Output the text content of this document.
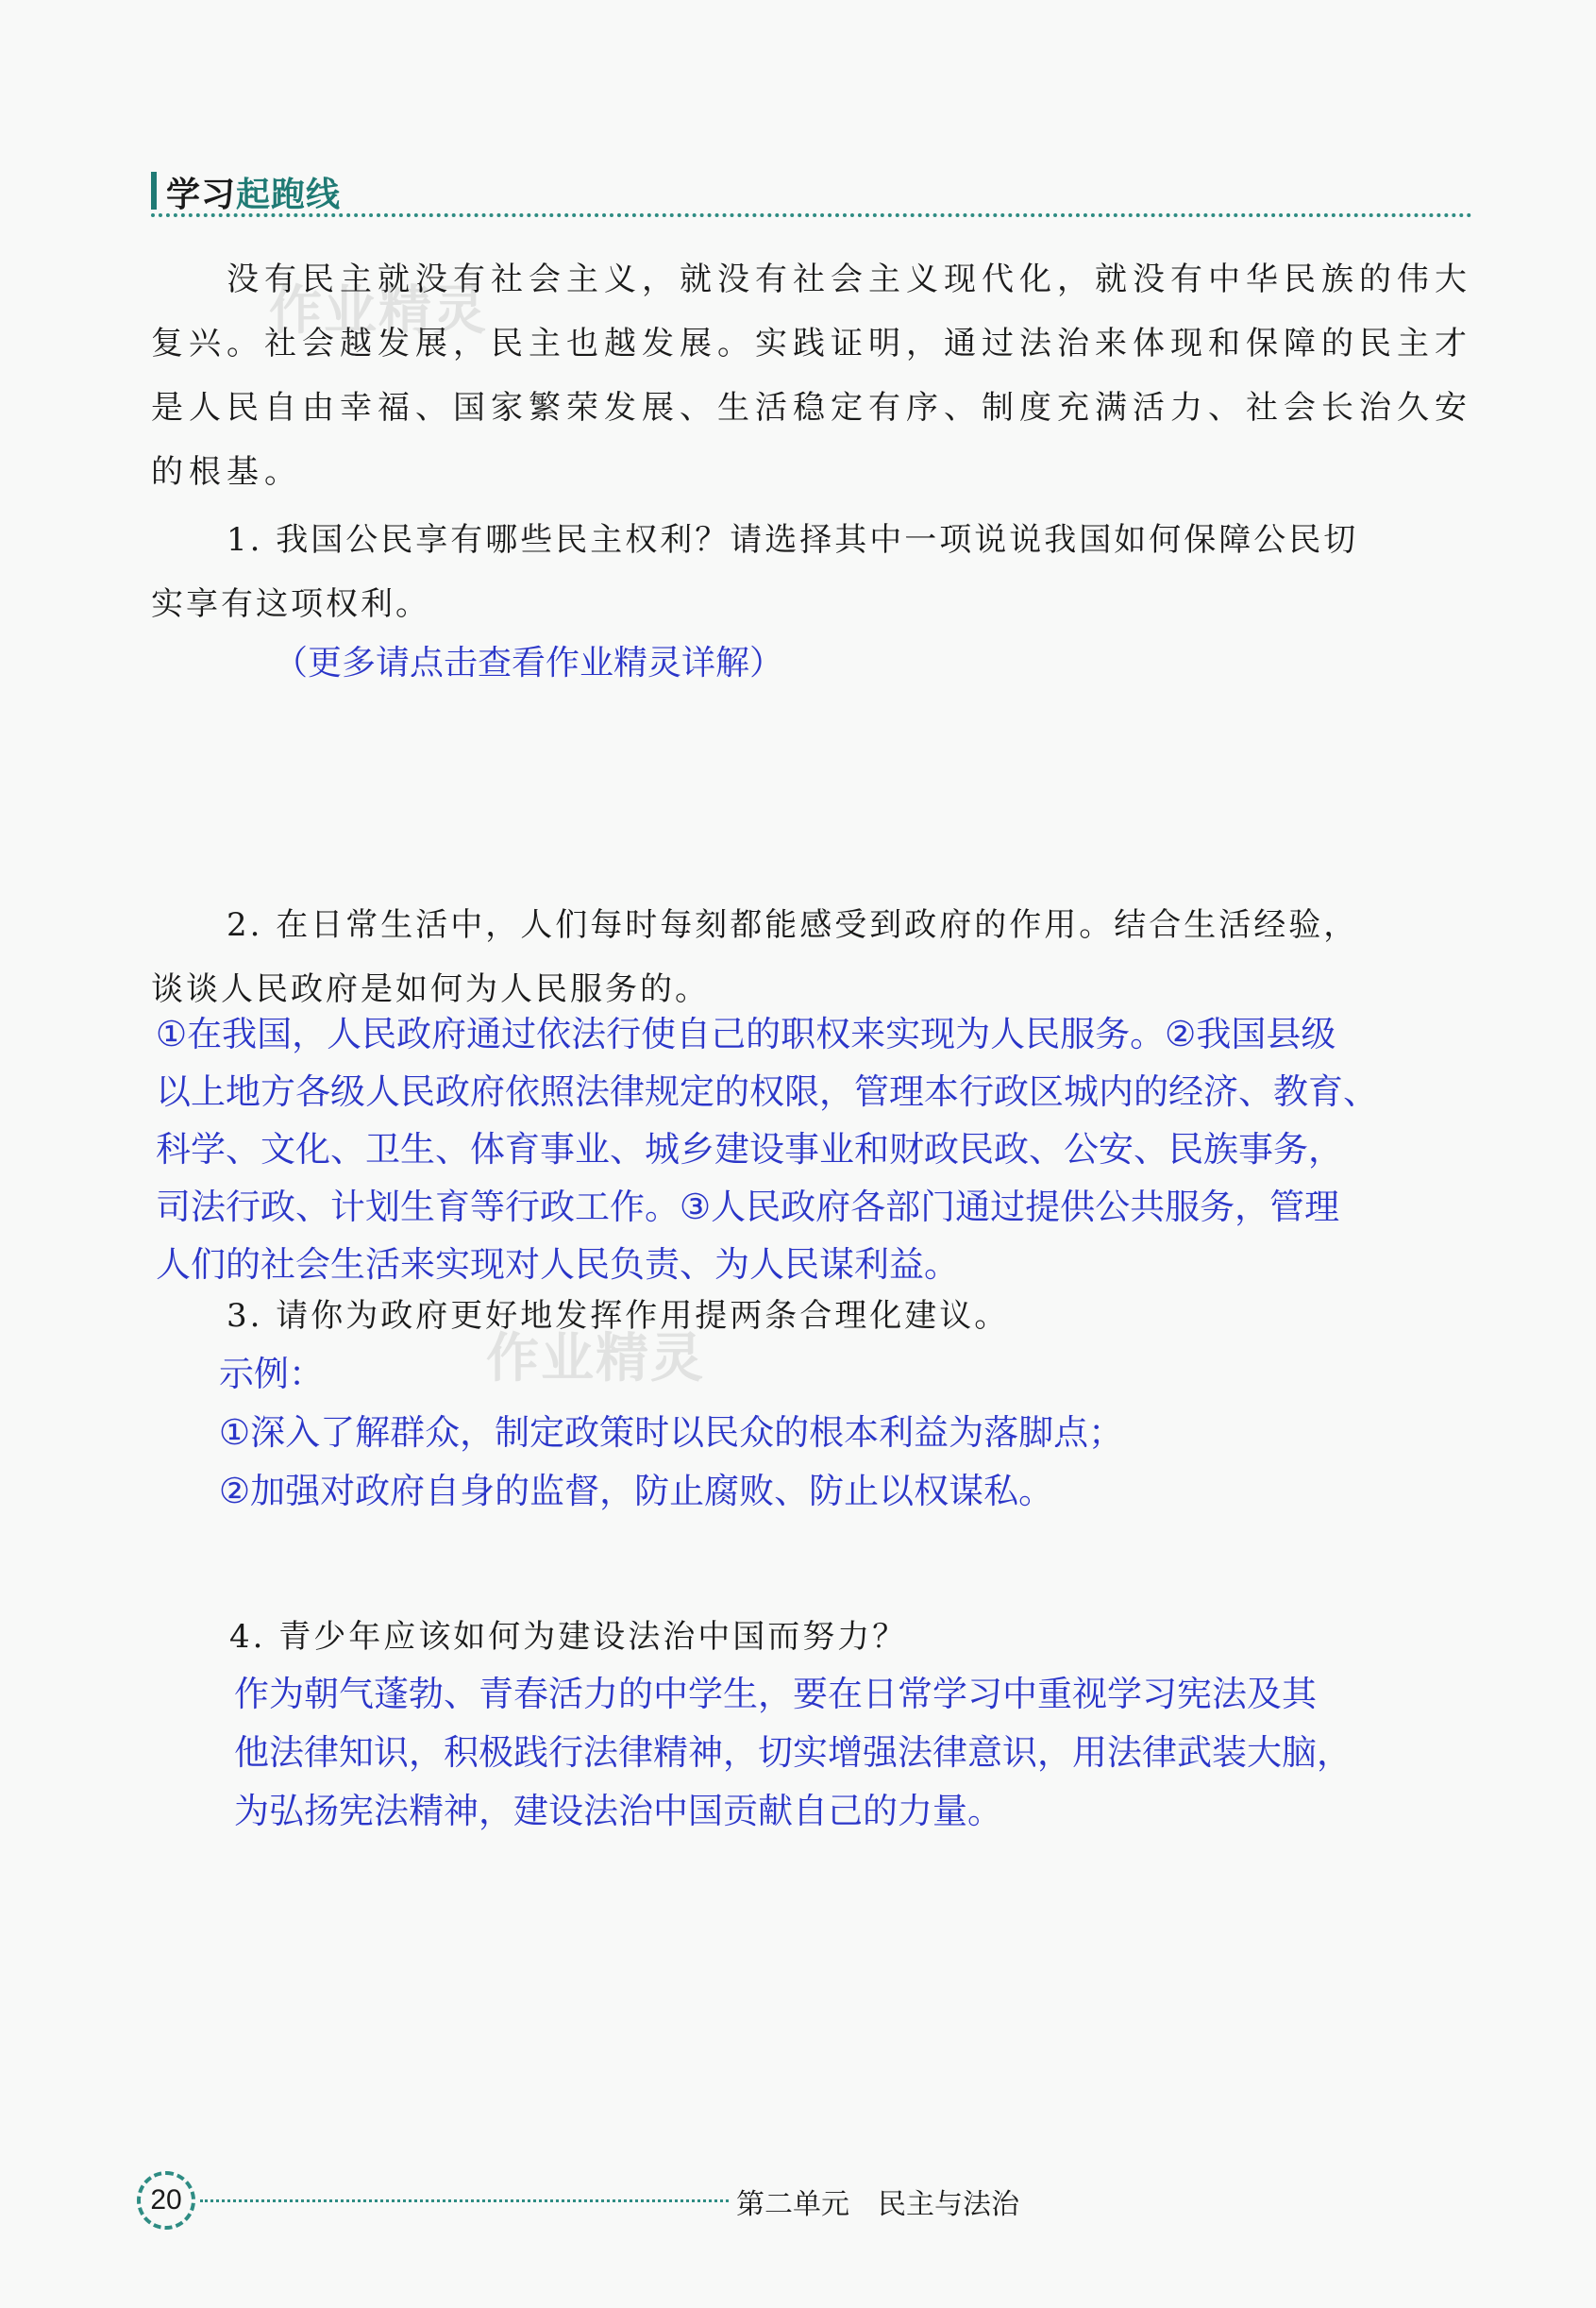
学习起跑线
作业精灵
没有民主就没有社会主义，就没有社会主义现代化，就没有中华民族的伟大
复兴。社会越发展，民主也越发展。实践证明，通过法治来体现和保障的民主才
是人民自由幸福、国家繁荣发展、生活稳定有序、制度充满活力、社会长治久安
的根基。
1. 我国公民享有哪些民主权利？请选择其中一项说说我国如何保障公民切
实享有这项权利。
（更多请点击查看作业精灵详解）
2. 在日常生活中，人们每时每刻都能感受到政府的作用。结合生活经验，
谈谈人民政府是如何为人民服务的。
①在我国，人民政府通过依法行使自己的职权来实现为人民服务。②我国县级
以上地方各级人民政府依照法律规定的权限，管理本行政区城内的经济、教育、
科学、文化、卫生、体育事业、城乡建设事业和财政民政、公安、民族事务，
司法行政、计划生育等行政工作。③人民政府各部门通过提供公共服务，管理
人们的社会生活来实现对人民负责、为人民谋利益。
3. 请你为政府更好地发挥作用提两条合理化建议。
作业精灵
示例：
①深入了解群众，制定政策时以民众的根本利益为落脚点；
②加强对政府自身的监督，防止腐败、防止以权谋私。
4. 青少年应该如何为建设法治中国而努力？
作为朝气蓬勃、青春活力的中学生，要在日常学习中重视学习宪法及其
他法律知识，积极践行法律精神，切实增强法律意识，用法律武装大脑，
为弘扬宪法精神，建设法治中国贡献自己的力量。
20	第二单元 民主与法治
